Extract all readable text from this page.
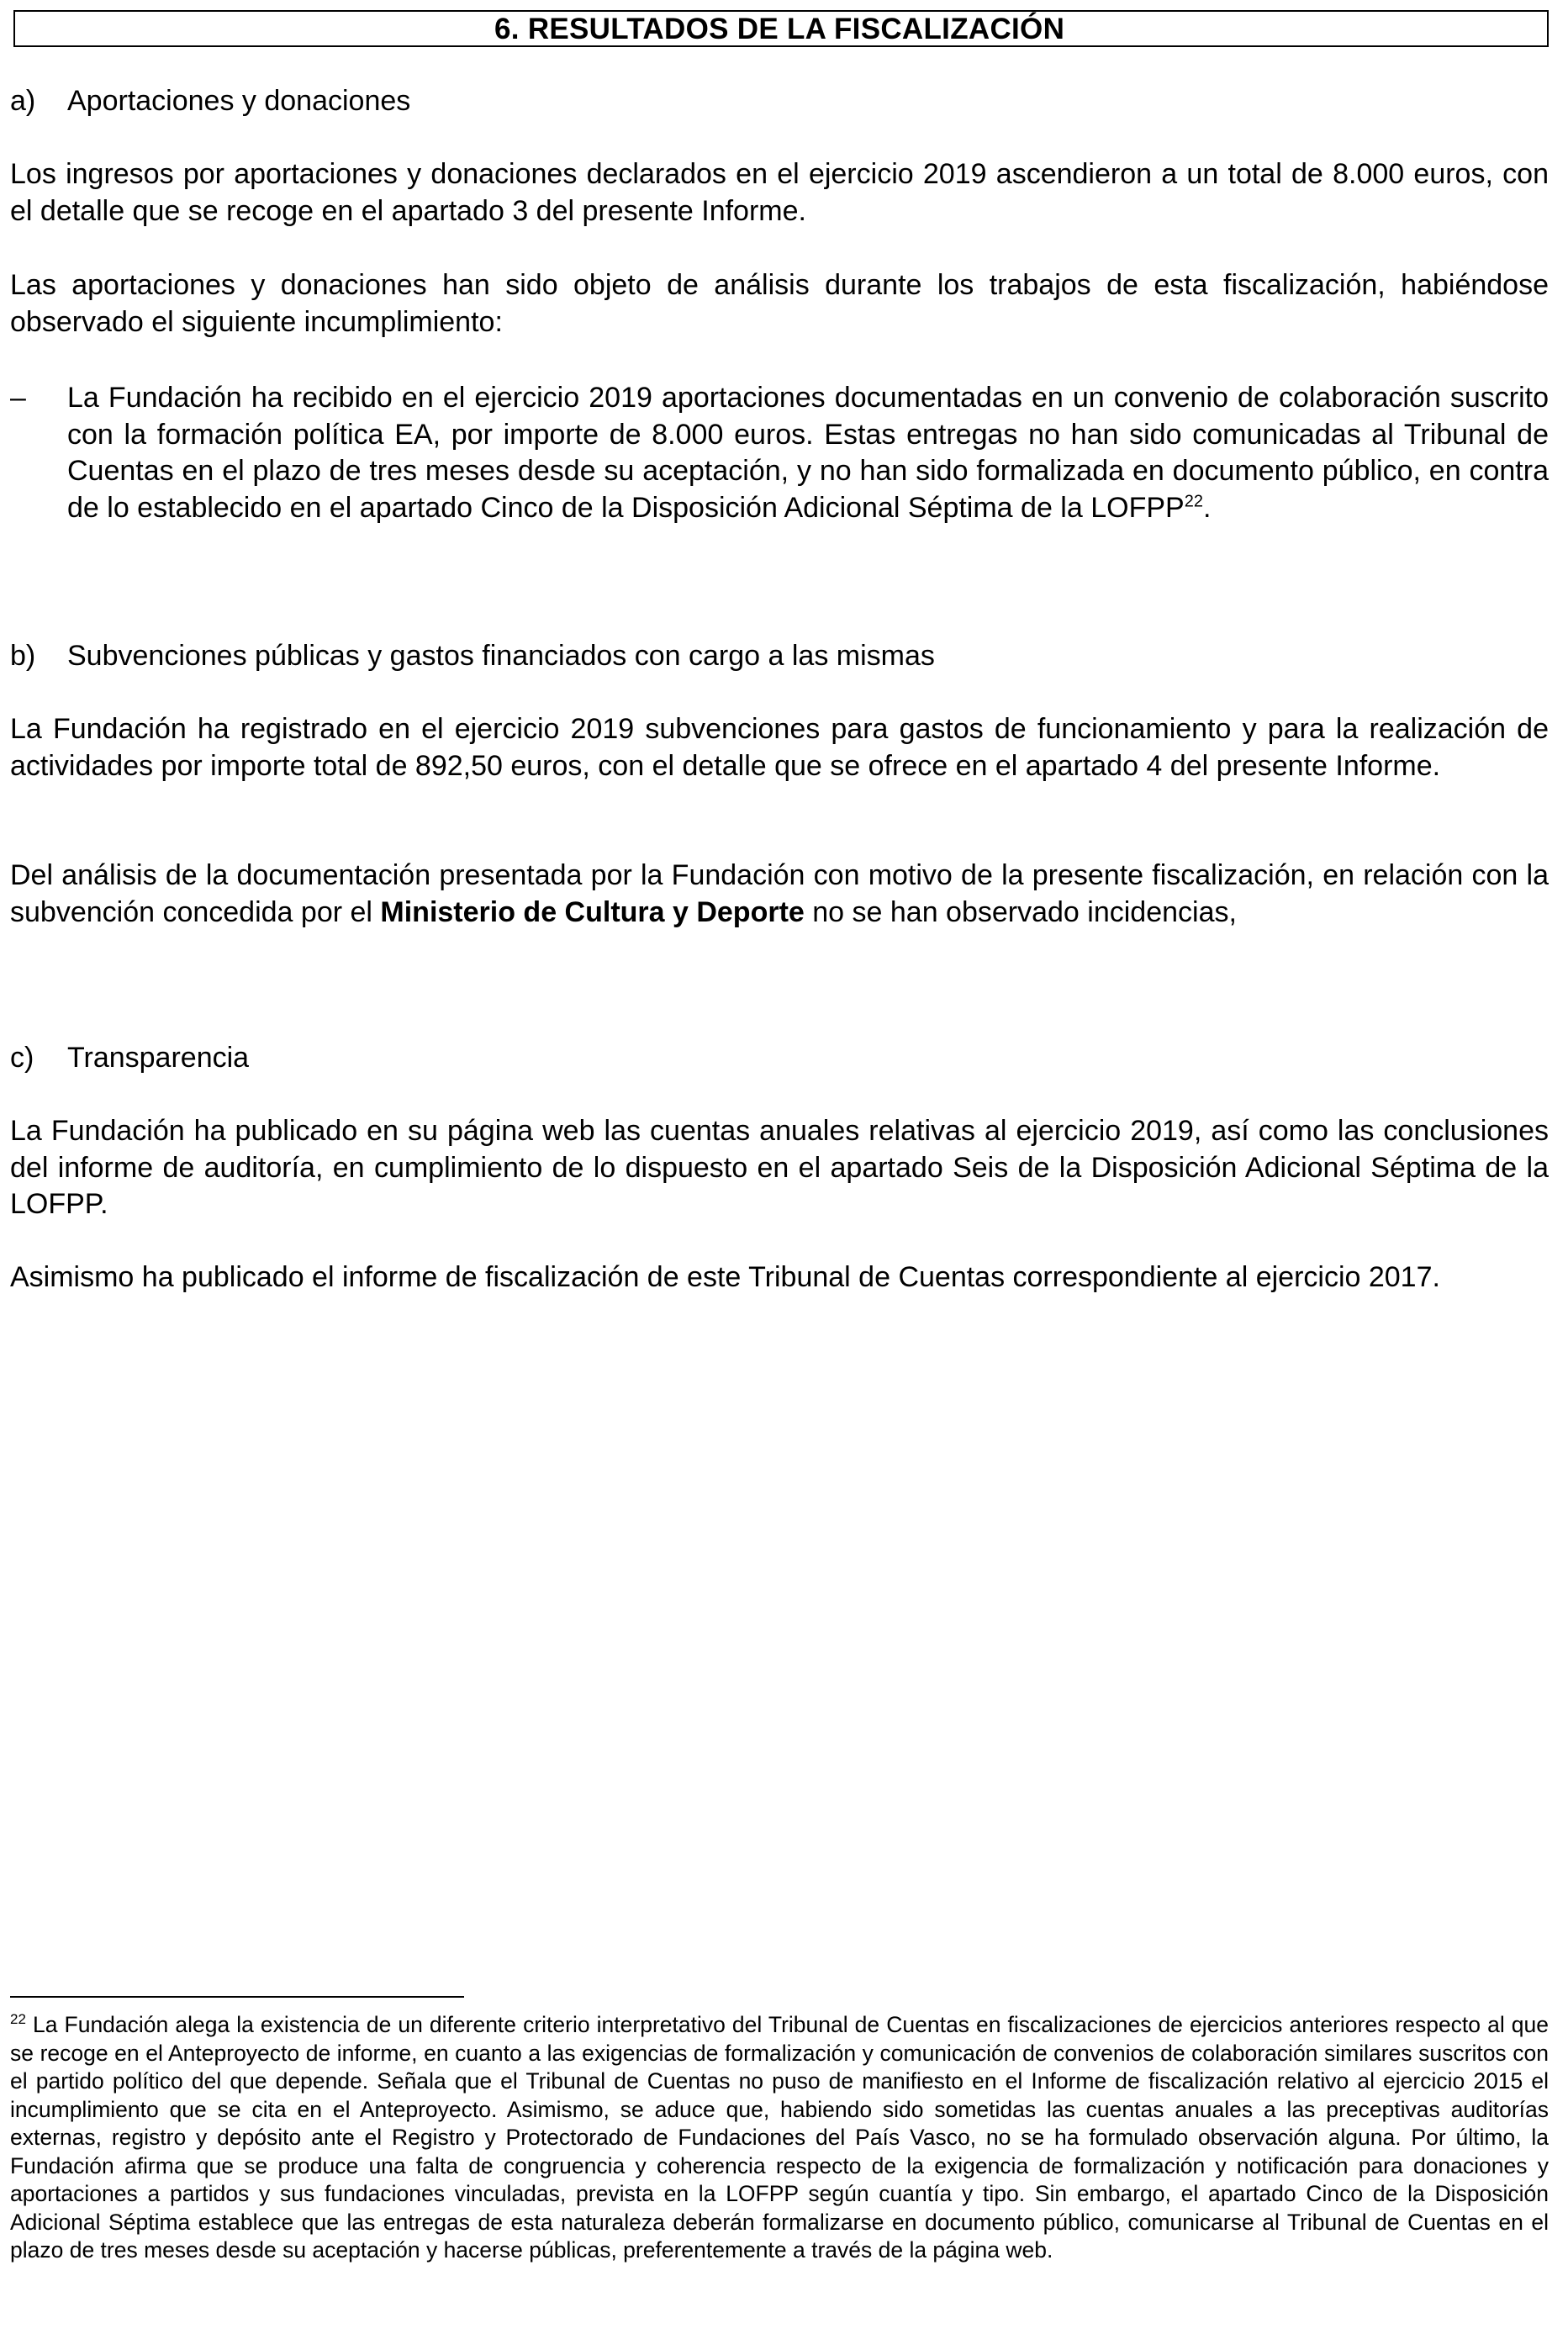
6. RESULTADOS DE LA FISCALIZACIÓN
a)	Aportaciones y donaciones

Los ingresos por aportaciones y donaciones declarados en el ejercicio 2019 ascendieron a un total de 8.000 euros, con el detalle que se recoge en el apartado 3 del presente Informe.

Las aportaciones y donaciones han sido objeto de análisis durante los trabajos de esta fiscalización, habiéndose observado el siguiente incumplimiento:

–	La Fundación ha recibido en el ejercicio 2019 aportaciones documentadas en un convenio de colaboración suscrito con la formación política EA, por importe de 8.000 euros. Estas entregas no han sido comunicadas al Tribunal de Cuentas en el plazo de tres meses desde su aceptación, y no han sido formalizada en documento público, en contra de lo establecido en el apartado Cinco de la Disposición Adicional Séptima de la LOFPP$^{22}$.
b)	Subvenciones públicas y gastos financiados con cargo a las mismas

La Fundación ha registrado en el ejercicio 2019 subvenciones para gastos de funcionamiento y para la realización de actividades por importe total de 892,50 euros, con el detalle que se ofrece en el apartado 4 del presente Informe.

Del análisis de la documentación presentada por la Fundación con motivo de la presente fiscalización, en relación con la subvención concedida por el Ministerio de Cultura y Deporte no se han observado incidencias,

c)	Transparencia

La Fundación ha publicado en su página web las cuentas anuales relativas al ejercicio 2019, así como las conclusiones del informe de auditoría, en cumplimiento de lo dispuesto en el apartado Seis de la Disposición Adicional Séptima de la LOFPP.

Asimismo ha publicado el informe de fiscalización de este Tribunal de Cuentas correspondiente al ejercicio 2017.

$^{22}$ La Fundación alega la existencia de un diferente criterio interpretativo del Tribunal de Cuentas en fiscalizaciones de ejercicios anteriores respecto al que se recoge en el Anteproyecto de informe, en cuanto a las exigencias de formalización y comunicación de convenios de colaboración similares suscritos con el partido político del que depende. Señala que el Tribunal de Cuentas no puso de manifiesto en el Informe de fiscalización relativo al ejercicio 2015 el incumplimiento que se cita en el Anteproyecto. Asimismo, se aduce que, habiendo sido sometidas las cuentas anuales a las preceptivas auditorías externas, registro y depósito ante el Registro y Protectorado de Fundaciones del País Vasco, no se ha formulado observación alguna. Por último, la Fundación afirma que se produce una falta de congruencia y coherencia respecto de la exigencia de formalización y notificación para donaciones y aportaciones a partidos y sus fundaciones vinculadas, prevista en la LOFPP según cuantía y tipo. Sin embargo, el apartado Cinco de la Disposición Adicional Séptima establece que las entregas de esta naturaleza deberán formalizarse en documento público, comunicarse al Tribunal de Cuentas en el plazo de tres meses desde su aceptación y hacerse públicas, preferentemente a través de la página web.
